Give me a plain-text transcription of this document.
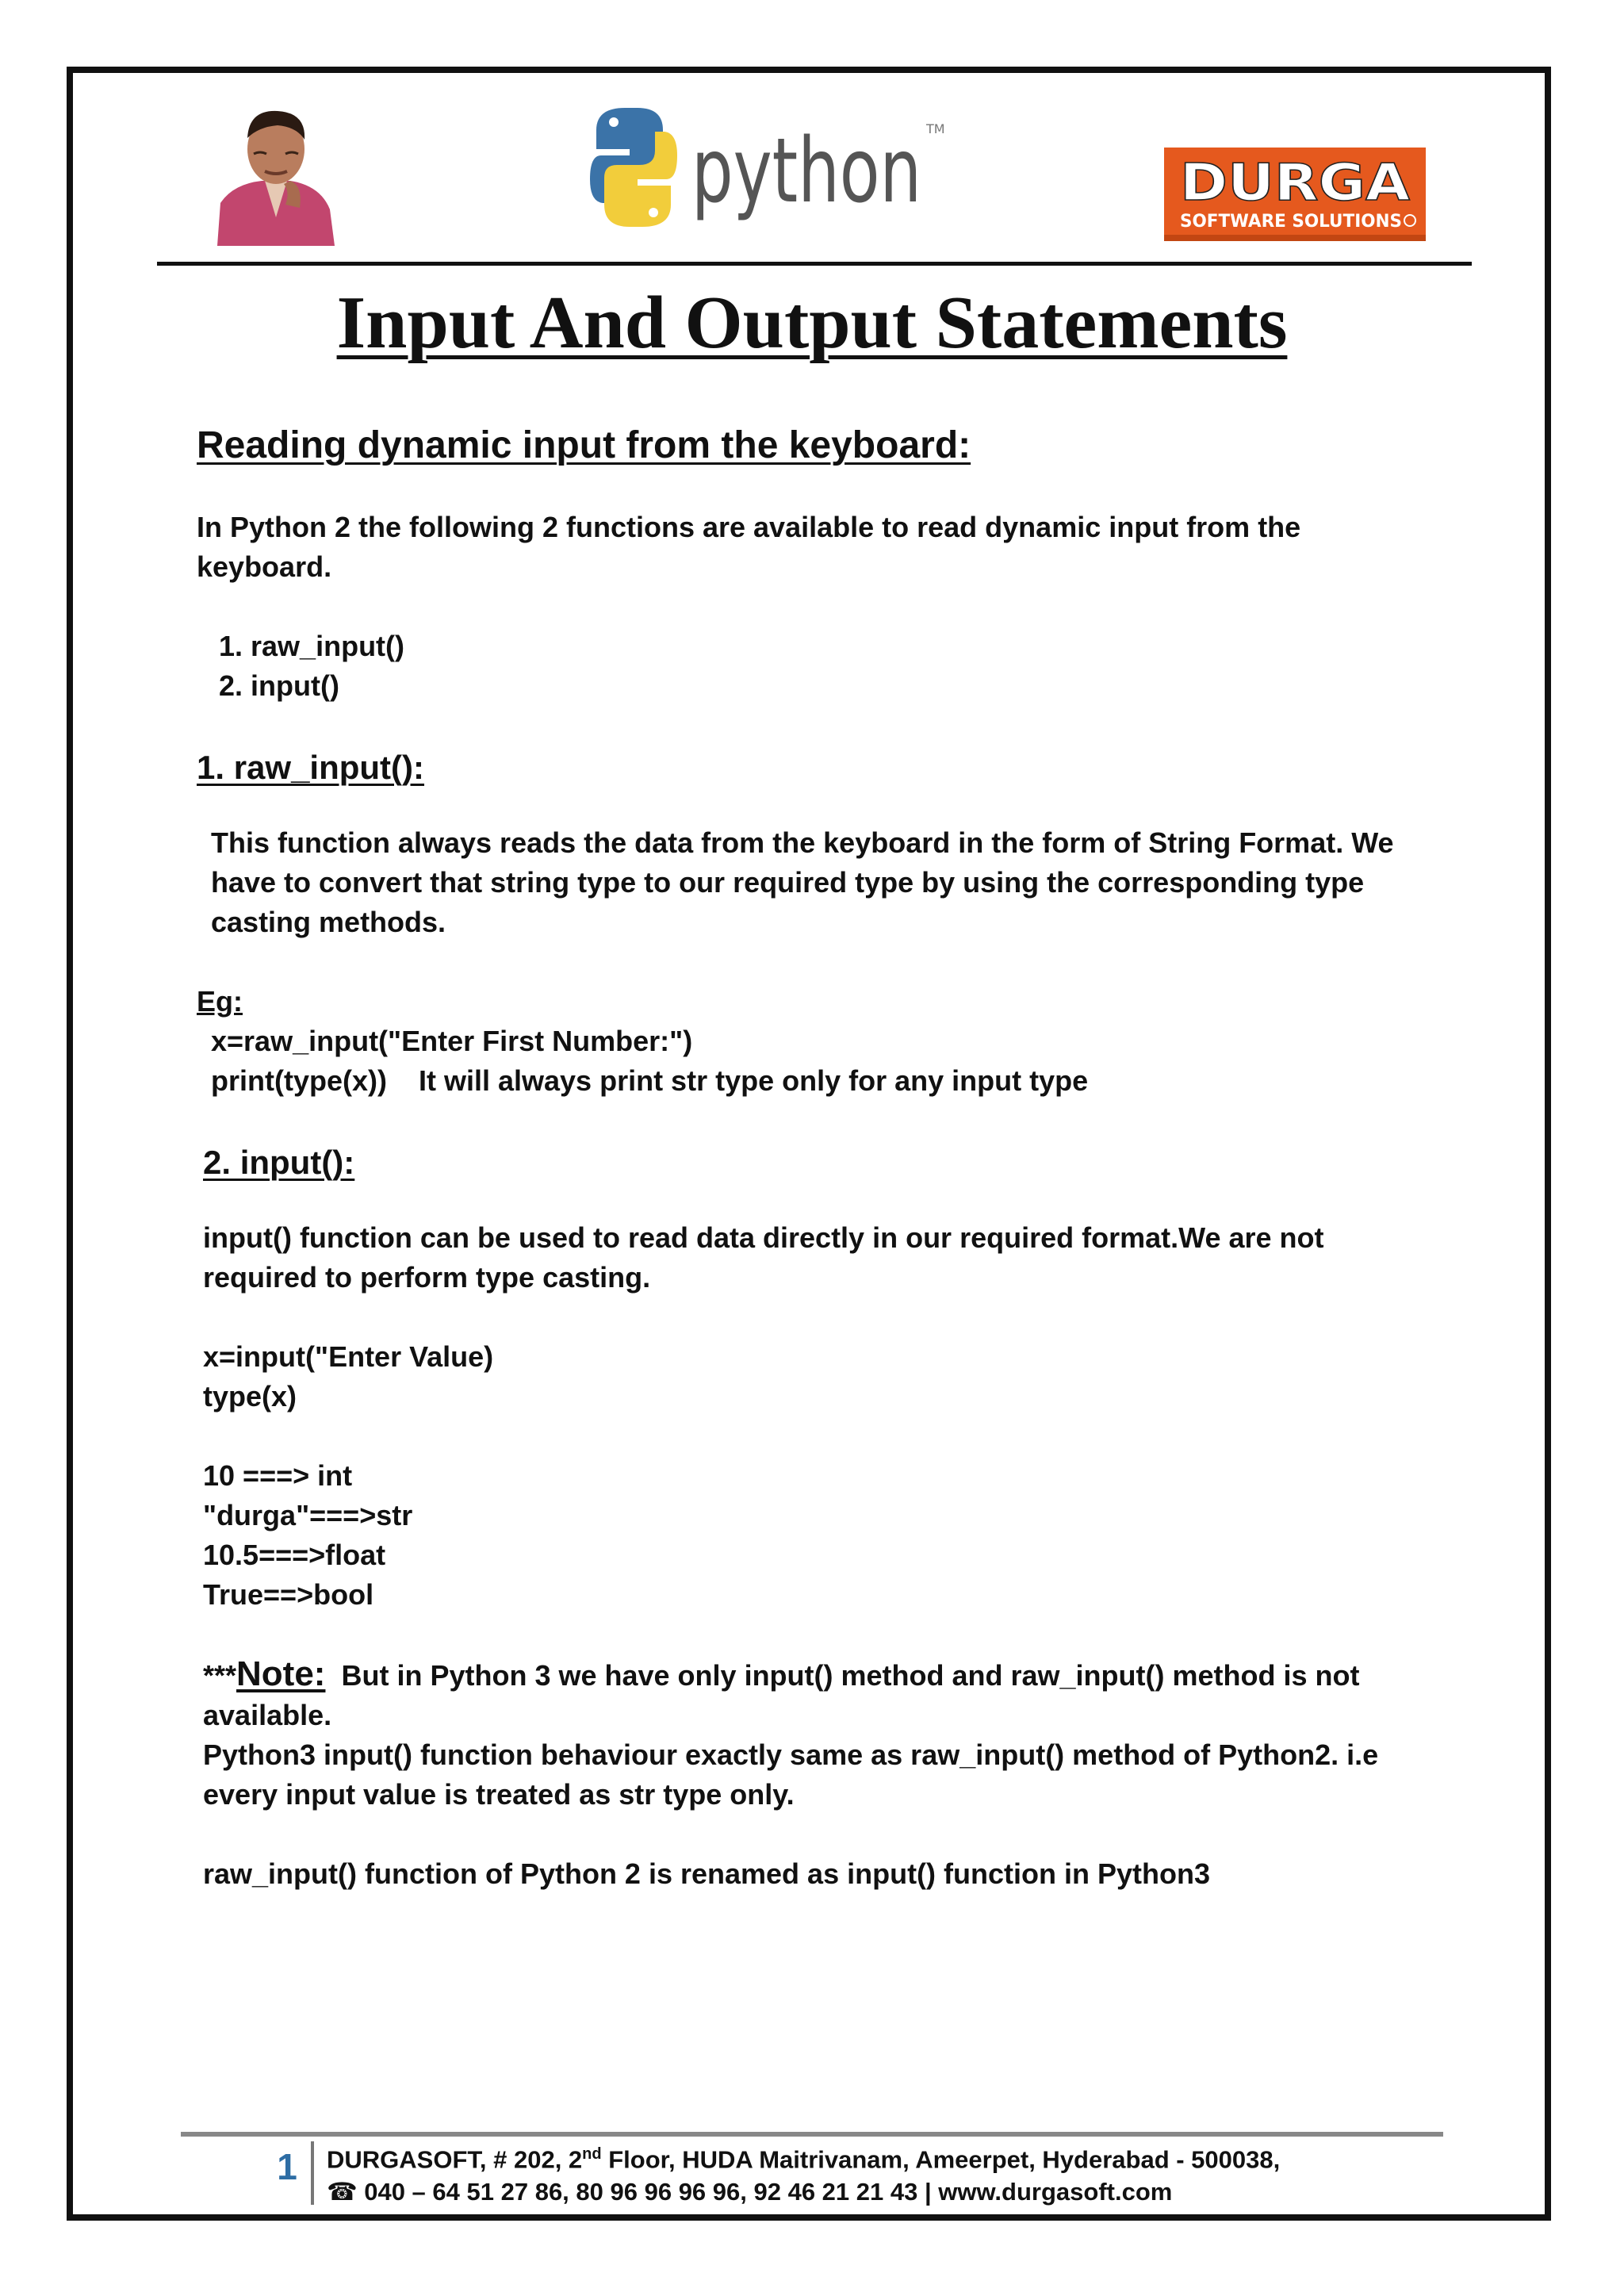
python TM
DURGA
SOFTWARE SOLUTIONS
Input And Output Statements
Reading dynamic input from the keyboard:

In Python 2 the following 2 functions are available to read dynamic input from the keyboard.

1. raw_input()
2. input()
1. raw_input():

This function always reads the data from the keyboard in the form of String Format. We have to convert that string type to our required type by using the corresponding type casting methods.

Eg:
x=raw_input("Enter First Number:")
print(type(x)) It will always print str type only for any input type
2. input():

input() function can be used to read data directly in our required format.We are not required to perform type casting.

x=input("Enter Value)
type(x)
10 ===> int
"durga"===>str
10.5===>float
True==>bool

***Note: But in Python 3 we have only input() method and raw_input() method is not available.

Python3 input() function behaviour exactly same as raw_input() method of Python2. i.e every input value is treated as str type only.

raw_input() function of Python 2 is renamed as input() function in Python3

1 DURGASOFT, # 202, 2nd Floor, HUDA Maitrivanam, Ameerpet, Hyderabad - 500038,
☎ 040 – 64 51 27 86, 80 96 96 96 96, 92 46 21 21 43 | www.durgasoft.com
